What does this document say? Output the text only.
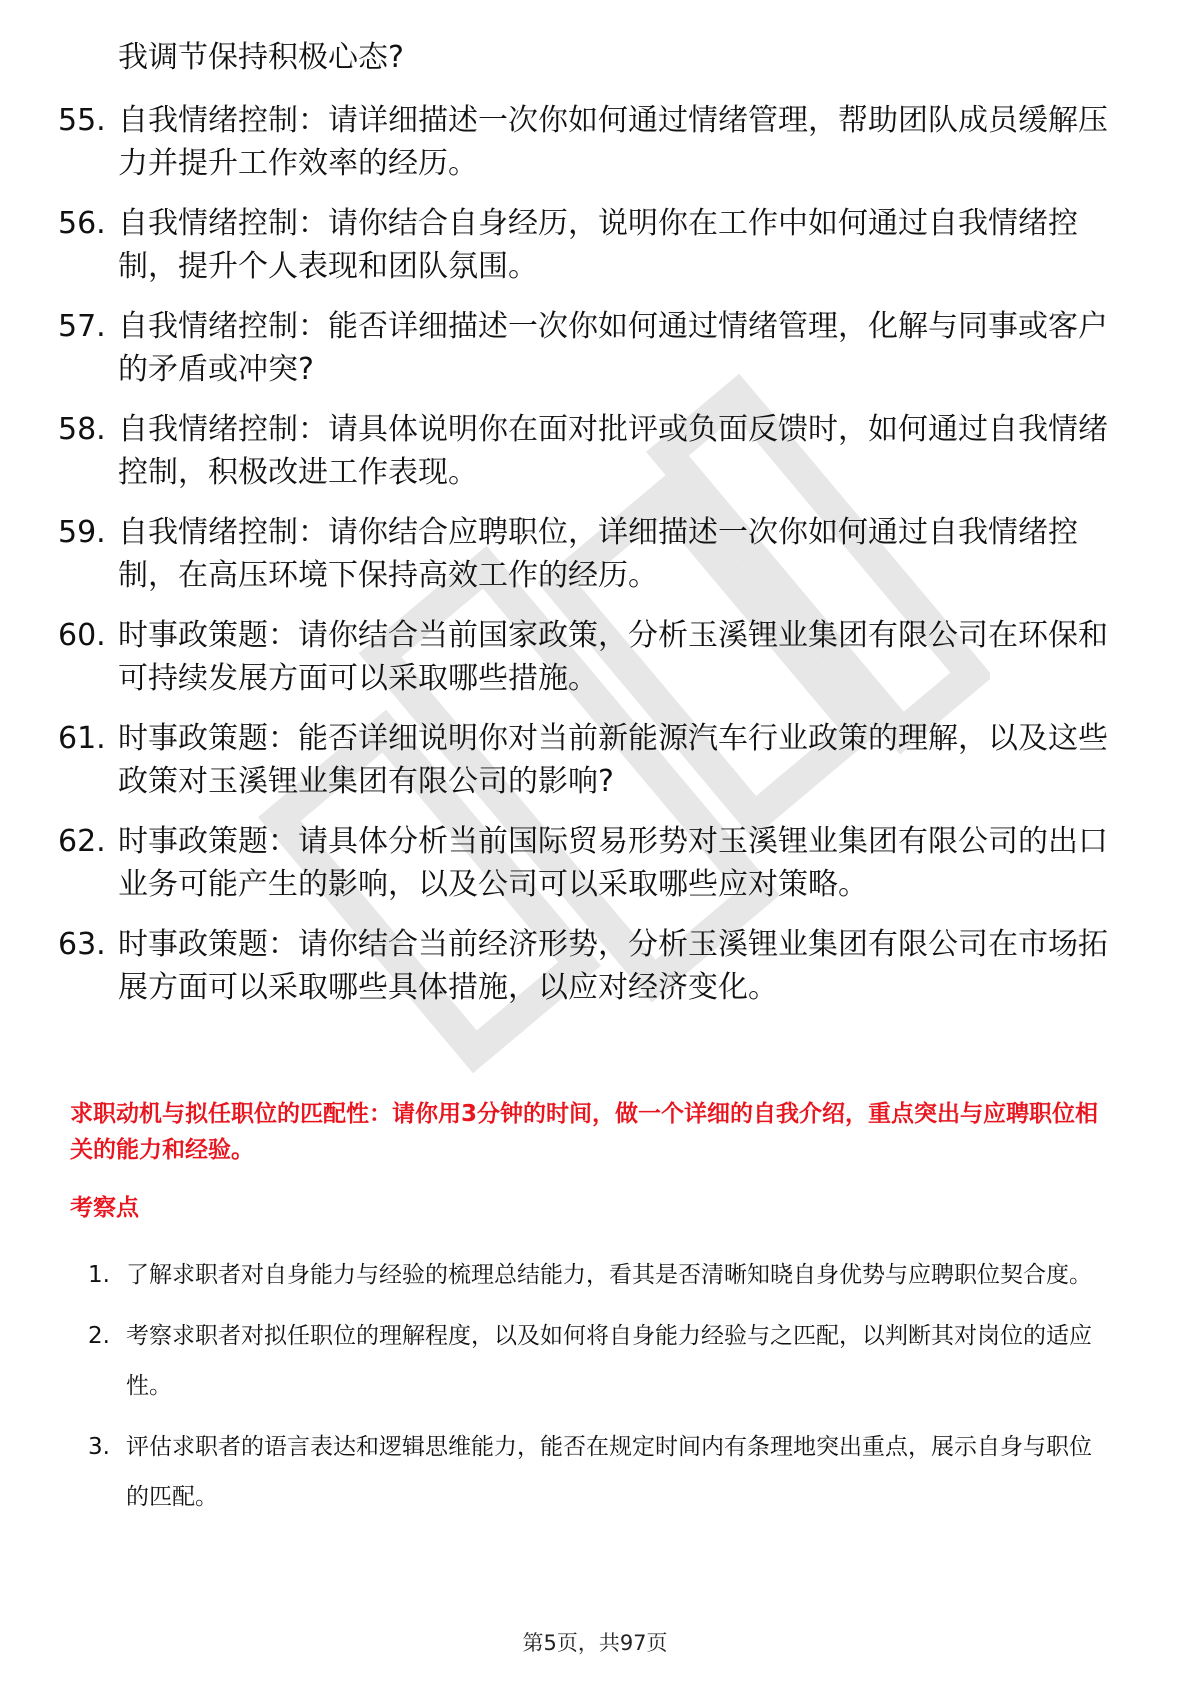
我调节保持积极心态?
55. 自我情绪控制：请详细描述一次你如何通过情绪管理，帮助团队成员缓解压力并提升工作效率的经历。
56. 自我情绪控制：请你结合自身经历，说明你在工作中如何通过自我情绪控制，提升个人表现和团队氛围。
57. 自我情绪控制：能否详细描述一次你如何通过情绪管理，化解与同事或客户的矛盾或冲突?
58. 自我情绪控制：请具体说明你在面对批评或负面反馈时，如何通过自我情绪控制，积极改进工作表现。
59. 自我情绪控制：请你结合应聘职位，详细描述一次你如何通过自我情绪控制，在高压环境下保持高效工作的经历。
60. 时事政策题：请你结合当前国家政策，分析玉溪锂业集团有限公司在环保和可持续发展方面可以采取哪些措施。
61. 时事政策题：能否详细说明你对当前新能源汽车行业政策的理解，以及这些政策对玉溪锂业集团有限公司的影响?
62. 时事政策题：请具体分析当前国际贸易形势对玉溪锂业集团有限公司的出口业务可能产生的影响，以及公司可以采取哪些应对策略。
63. 时事政策题：请你结合当前经济形势，分析玉溪锂业集团有限公司在市场拓展方面可以采取哪些具体措施，以应对经济变化。
求职动机与拟任职位的匹配性：请你用3分钟的时间，做一个详细的自我介绍，重点突出与应聘职位相关的能力和经验。
考察点
1. 了解求职者对自身能力与经验的梳理总结能力，看其是否清晰知晓自身优势与应聘职位契合度。
2. 考察求职者对拟任职位的理解程度，以及如何将自身能力经验与之匹配，以判断其对岗位的适应性。
3. 评估求职者的语言表达和逻辑思维能力，能否在规定时间内有条理地突出重点，展示自身与职位的匹配。
第5页，共97页
